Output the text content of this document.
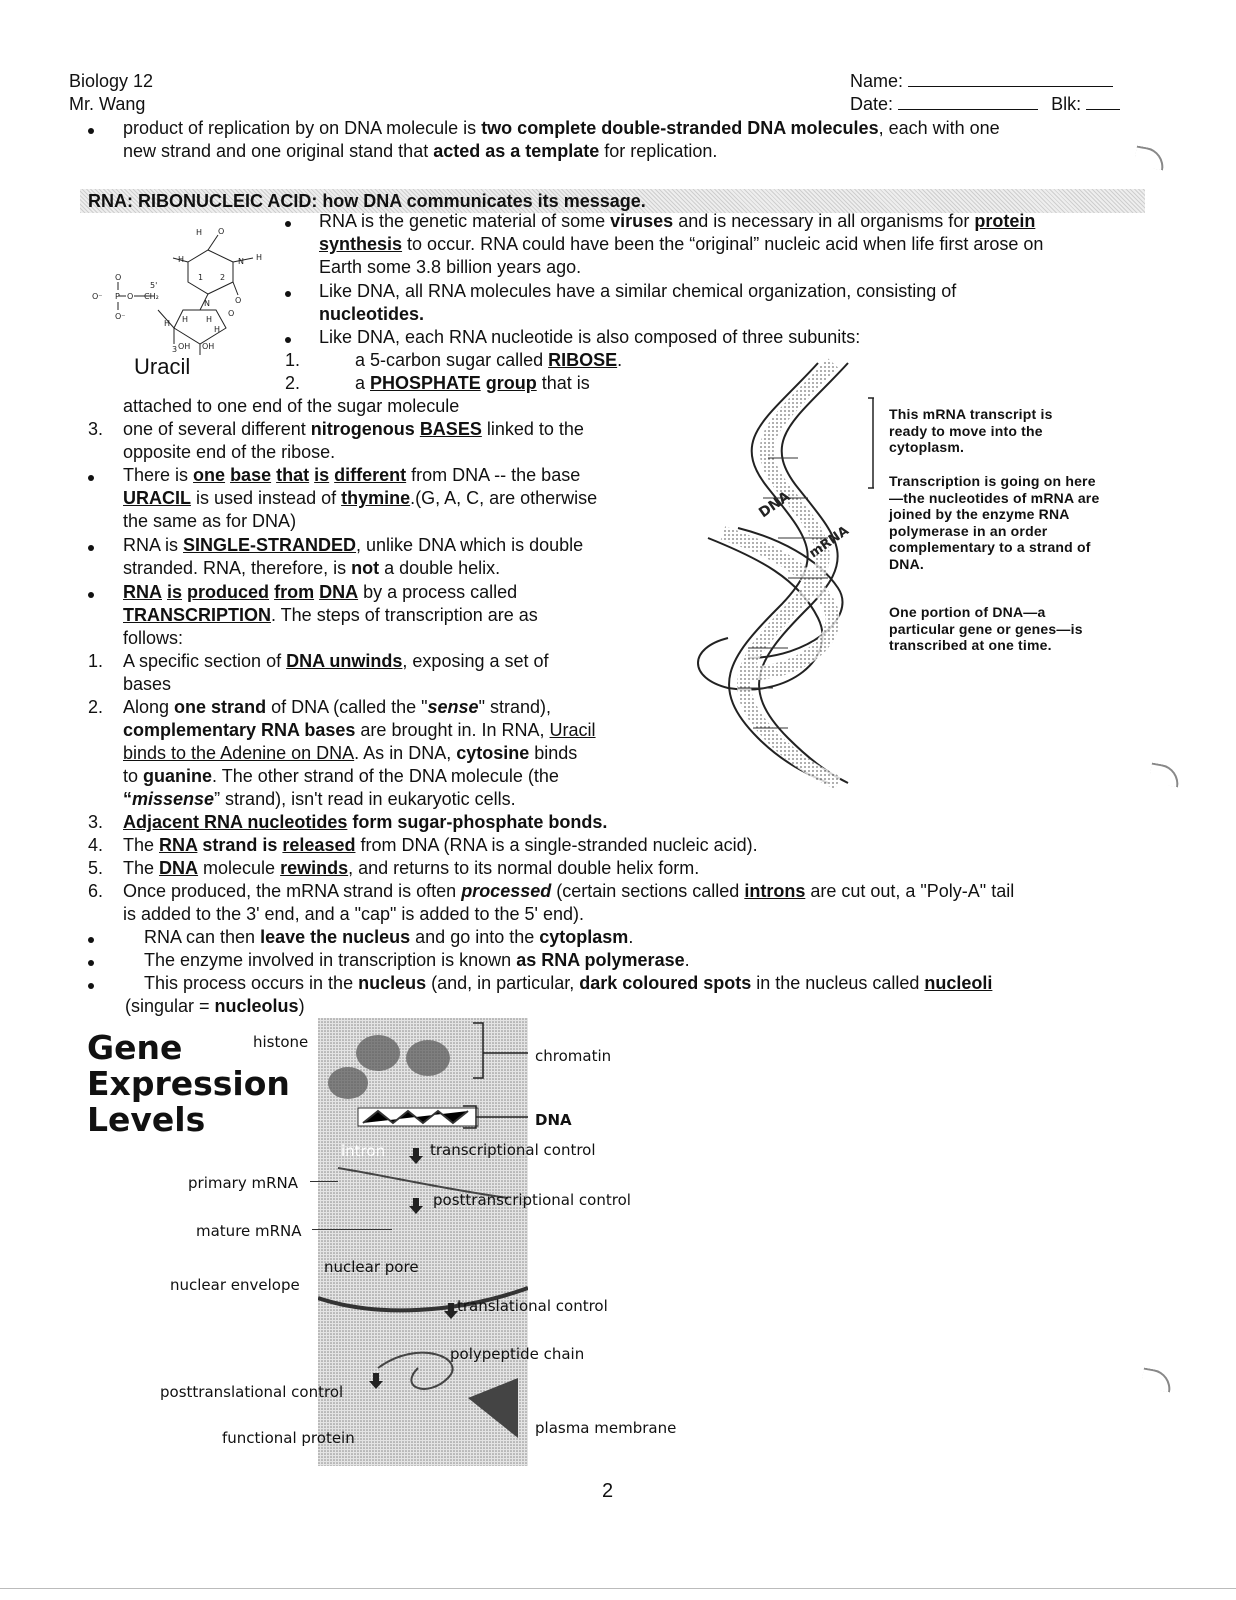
Biology 12
Mr. Wang
Name:
Date:	Blk:
product of replication by on DNA molecule is two complete double-stranded DNA molecules, each with one
new strand and one original stand that acted as a template for replication.
RNA: RIBONUCLEIC ACID: how DNA communicates its message.
H O
H	N H
N	O
O
5'
O⁻ P O CH₂
O
O⁻
H H H
H
OH OH
3
2
1
Uracil
RNA is the genetic material of some viruses and is necessary in all organisms for protein
synthesis to occur. RNA could have been the “original” nucleic acid when life first arose on
Earth some 3.8 billion years ago.
Like DNA, all RNA molecules have a similar chemical organization, consisting of
nucleotides.
Like DNA, each RNA nucleotide is also composed of three subunits:
1.	a 5-carbon sugar called RIBOSE.
2.	a PHOSPHATE group that is
attached to one end of the sugar molecule
3. one of several different nitrogenous BASES linked to the
opposite end of the ribose.
There is one base that is different from DNA -- the base
URACIL is used instead of thymine.(G, A, C, are otherwise
the same as for DNA)
RNA is SINGLE-STRANDED, unlike DNA which is double
stranded. RNA, therefore, is not a double helix.
RNA is produced from DNA by a process called
TRANSCRIPTION. The steps of transcription are as
follows:
1. A specific section of DNA unwinds, exposing a set of
bases
2. Along one strand of DNA (called the "sense" strand),
complementary RNA bases are brought in. In RNA, Uracil
binds to the Adenine on DNA. As in DNA, cytosine binds
to guanine. The other strand of the DNA molecule (the
“missense” strand), isn't read in eukaryotic cells.
3. Adjacent RNA nucleotides form sugar-phosphate bonds.
4. The RNA strand is released from DNA (RNA is a single-stranded nucleic acid).
5. The DNA molecule rewinds, and returns to its normal double helix form.
6. Once produced, the mRNA strand is often processed (certain sections called introns are cut out, a "Poly-A" tail
is added to the 3' end, and a "cap" is added to the 5' end).
RNA can then leave the nucleus and go into the cytoplasm.
The enzyme involved in transcription is known as RNA polymerase.
This process occurs in the nucleus (and, in particular, dark coloured spots in the nucleus called nucleoli
(singular = nucleolus)
DNA
mRNA
This mRNA transcript is ready to move into the cytoplasm.
Transcription is going on here—the nucleotides of mRNA are joined by the enzyme RNA polymerase in an order complementary to a strand of DNA.
One portion of DNA—a particular gene or genes—is transcribed at one time.
Gene
Expression
Levels
histone
chromatin
DNA
intron	transcriptional control
primary mRNA
posttranscriptional control
mature mRNA
nuclear pore
nuclear envelope
translational control
polypeptide chain
posttranslational control
functional protein
plasma membrane
2
